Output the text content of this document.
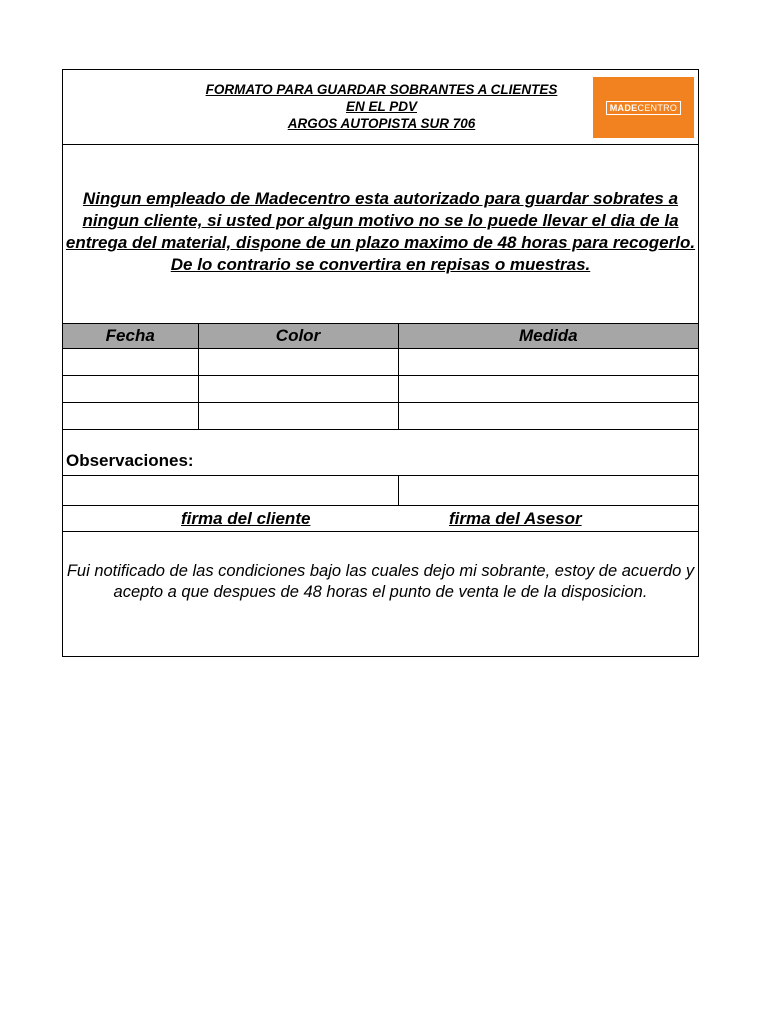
FORMATO PARA GUARDAR SOBRANTES A CLIENTES
EN EL PDV
ARGOS AUTOPISTA SUR 706
MADECENTRO
Ningun empleado de Madecentro esta autorizado para guardar sobrates a ningun cliente, si usted por algun motivo no se lo puede llevar el dia de la entrega del material, dispone de un plazo maximo de 48 horas para recogerlo. De lo contrario se convertira en repisas o muestras.
Fecha	Color	Medida

Observaciones:
firma del cliente	firma del Asesor
Fui notificado de las condiciones bajo las cuales dejo mi sobrante, estoy de acuerdo y acepto a que despues de 48 horas el punto de venta le de la disposicion.
